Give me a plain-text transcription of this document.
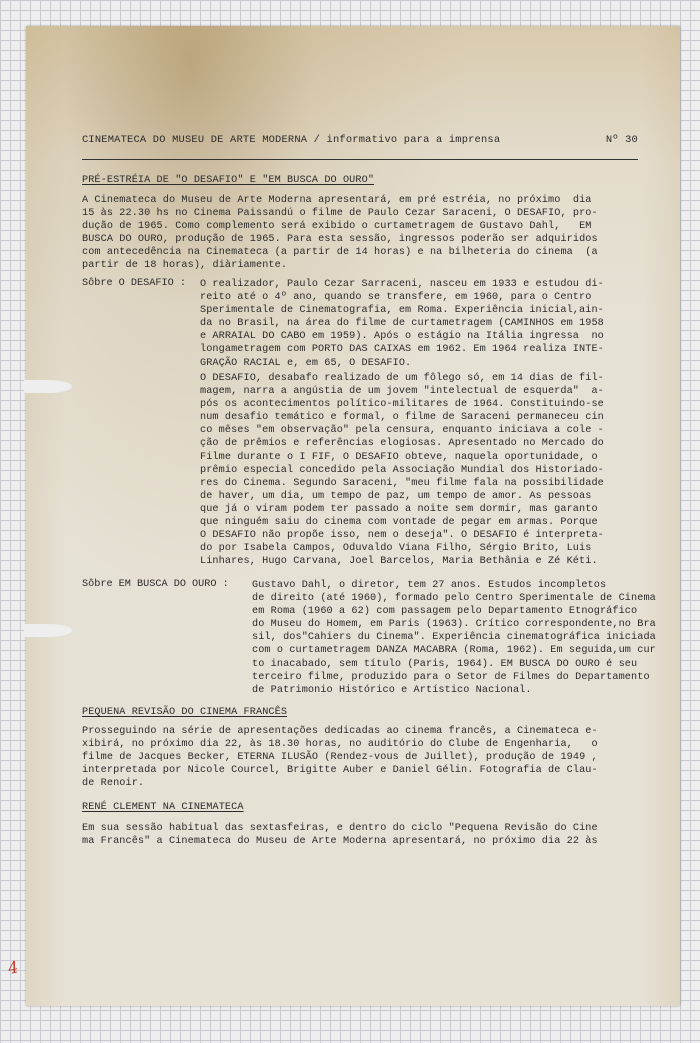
CINEMATECA DO MUSEU DE ARTE MODERNA / informativo para a imprensa	Nº 30
PRÉ-ESTRÉIA DE "O DESAFIO" E "EM BUSCA DO OURO"
A Cinemateca do Museu de Arte Moderna apresentará, em pré estréia, no próximo  dia
15 às 22.30 hs no Cinema Paissandú o filme de Paulo Cezar Saraceni, O DESAFIO, pro-
dução de 1965. Como complemento será exibido o curtametragem de Gustavo Dahl,   EM
BUSCA DO OURO, produção de 1965. Para esta sessão, ingressos poderão ser adquiridos
com antecedência na Cinemateca (a partir de 14 horas) e na bilheteria do cinema  (a
partir de 18 horas), diàriamente.
Sôbre O DESAFIO : O realizador, Paulo Cezar Sarraceni, nasceu em 1933 e estudou di-
reito até o 4º ano, quando se transfere, em 1960, para o Centro
Sperimentale de Cinematografia, em Roma. Experiência inicial,ain-
da no Brasil, na área do filme de curtametragem (CAMINHOS em 1958
e ARRAIAL DO CABO em 1959). Após o estágio na Itália ingressa  no
longametragem com PORTO DAS CAIXAS em 1962. Em 1964 realiza INTE-
GRAÇÃO RACIAL e, em 65, O DESAFIO.
O DESAFIO, desabafo realizado de um fôlego só, em 14 dias de fil-
magem, narra a angústia de um jovem "intelectual de esquerda"  a-
pós os acontecimentos político-militares de 1964. Constituindo-se
num desafio temático e formal, o filme de Saraceni permaneceu cin
co mêses "em observação" pela censura, enquanto iniciava a cole -
ção de prêmios e referências elogiosas. Apresentado no Mercado do
Filme durante o I FIF, O DESAFIO obteve, naquela oportunidade, o
prêmio especial concedido pela Associação Mundial dos Historiado-
res do Cinema. Segundo Saraceni, "meu filme fala na possibilidade
de haver, um dia, um tempo de paz, um tempo de amor. As pessoas
que já o viram podem ter passado a noite sem dormir, mas garanto
que ninguém saiu do cinema com vontade de pegar em armas. Porque
O DESAFIO não propõe isso, nem o deseja". O DESAFIO é interpreta-
do por Isabela Campos, Oduvaldo Viana Filho, Sérgio Brito, Luis
Linhares, Hugo Carvana, Joel Barcelos, Maria Bethânia e Zé Kéti.
Sôbre EM BUSCA DO OURO : Gustavo Dahl, o diretor, tem 27 anos. Estudos incompletos
de direito (até 1960), formado pelo Centro Sperimentale de Cinema
em Roma (1960 a 62) com passagem pelo Departamento Etnográfico
do Museu do Homem, em Paris (1963). Crítico correspondente,no Bra
sil, dos"Cahiers du Cinema". Experiência cinematográfica iniciada
com o curtametragem DANZA MACABRA (Roma, 1962). Em seguida,um cur
to inacabado, sem título (Paris, 1964). EM BUSCA DO OURO é seu
terceiro filme, produzido para o Setor de Filmes do Departamento
de Patrimonio Histórico e Artístico Nacional.
PEQUENA REVISÃO DO CINEMA FRANCÊS
Prosseguindo na série de apresentações dedicadas ao cinema francês, a Cinemateca e-
xibirá, no próximo dia 22, às 18.30 horas, no auditório do Clube de Engenharia,   o
filme de Jacques Becker, ETERNA ILUSÃO (Rendez-vous de Juillet), produção de 1949 ,
interpretada por Nicole Courcel, Brigitte Auber e Daniel Gélin. Fotografia de Clau-
de Renoir.
RENÉ CLEMENT NA CINEMATECA
Em sua sessão habitual das sextasfeiras, e dentro do ciclo "Pequena Revisão do Cine
ma Francês" a Cinemateca do Museu de Arte Moderna apresentará, no próximo dia 22 às
4
